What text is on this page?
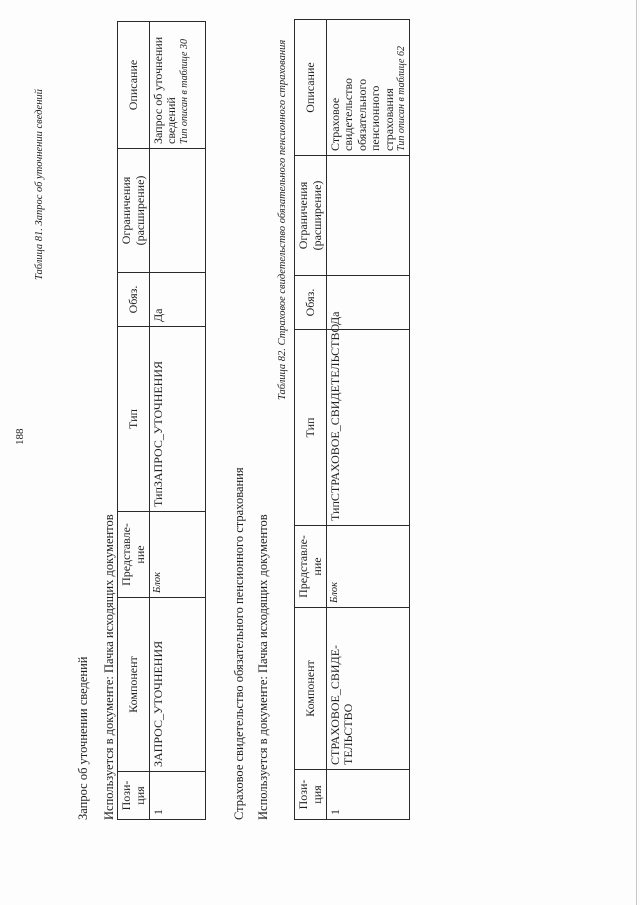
188
Таблица 81. Запрос об уточнении сведений
Запрос об уточнении сведений Используется в документе: Пачка исходящих документов Пози-ция	Компонент	Представле-ние	Тип	Обяз.	Ограничения (расширение)	Описание
1	ЗАПРОС_УТОЧНЕНИЯ	Блок	ТипЗАПРОС_УТОЧНЕНИЯ	Да		Запрос об уточнении сведений Тип описан в таблице 30
Страховое свидетельство обязательного пенсионного страхования Используется в документе: Пачка исходящих документов
Таблица 82. Страховое свидетельство обязательного пенсионного страхования
Пози-ция	Компонент	Представле-ние	Тип	Обяз.	Ограничения (расширение)	Описание
1	СТРАХОВОЕ_СВИДЕ-ТЕЛЬСТВО	Блок	ТипСТРАХОВОЕ_СВИДЕТЕЛЬСТВО	Да		Страховое свидетельство обязательного пенсионного страхования Тип описан в таблице 62
